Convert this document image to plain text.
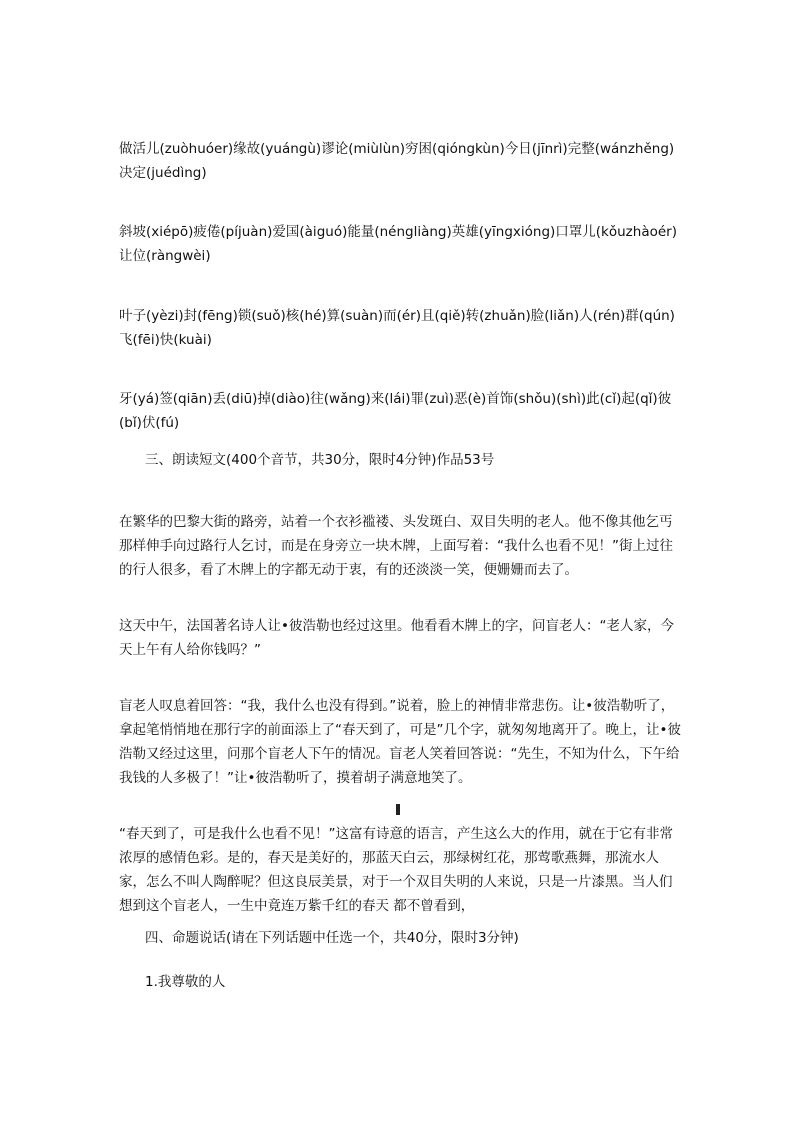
做活儿(zuòhuóer)缘故(yuángù)谬论(miùlùn)穷困(qióngkùn)今日(jīnrì)完整(wánzhěng)决定(juédìng)
斜坡(xiépō)疲倦(píjuàn)爱国(àiguó)能量(néngliàng)英雄(yīngxióng)口罩儿(kǒuzhàoér)让位(ràngwèi)
叶子(yèzi)封(fēng)锁(suǒ)核(hé)算(suàn)而(ér)且(qiě)转(zhuǎn)脸(liǎn)人(rén)群(qún)飞(fēi)快(kuài)
牙(yá)签(qiān)丢(diū)掉(diào)往(wǎng)来(lái)罪(zuì)恶(è)首饰(shǒu)(shì)此(cǐ)起(qǐ)彼(bǐ)伏(fú)
三、朗读短文(400个音节，共30分，限时4分钟)作品53号
在繁华的巴黎大街的路旁，站着一个衣衫褴褛、头发斑白、双目失明的老人。他不像其他乞丐那样伸手向过路行人乞讨，而是在身旁立一块木牌，上面写着：“我什么也看不见！”街上过往的行人很多，看了木牌上的字都无动于衷，有的还淡淡一笑，便姗姗而去了。
这天中午，法国著名诗人让•彼浩勒也经过这里。他看看木牌上的字，问盲老人：“老人家，今天上午有人给你钱吗？”
盲老人叹息着回答：“我，我什么也没有得到。”说着，脸上的神情非常悲伤。让•彼浩勒听了，拿起笔悄悄地在那行字的前面添上了“春天到了，可是”几个字，就匆匆地离开了。晚上，让•彼浩勒又经过这里，问那个盲老人下午的情况。盲老人笑着回答说：“先生，不知为什么，下午给我钱的人多极了！”让•彼浩勒听了，摸着胡子满意地笑了。
“春天到了，可是我什么也看不见！”这富有诗意的语言，产生这么大的作用，就在于它有非常浓厚的感情色彩。是的，春天是美好的，那蓝天白云，那绿树红花，那莺歌燕舞，那流水人家，怎么不叫人陶醉呢？但这良辰美景，对于一个双目失明的人来说，只是一片漆黑。当人们想到这个盲老人，一生中竟连万紫千红的春天 都不曾看到，
四、命题说话(请在下列话题中任选一个，共40分，限时3分钟)
1.我尊敬的人
